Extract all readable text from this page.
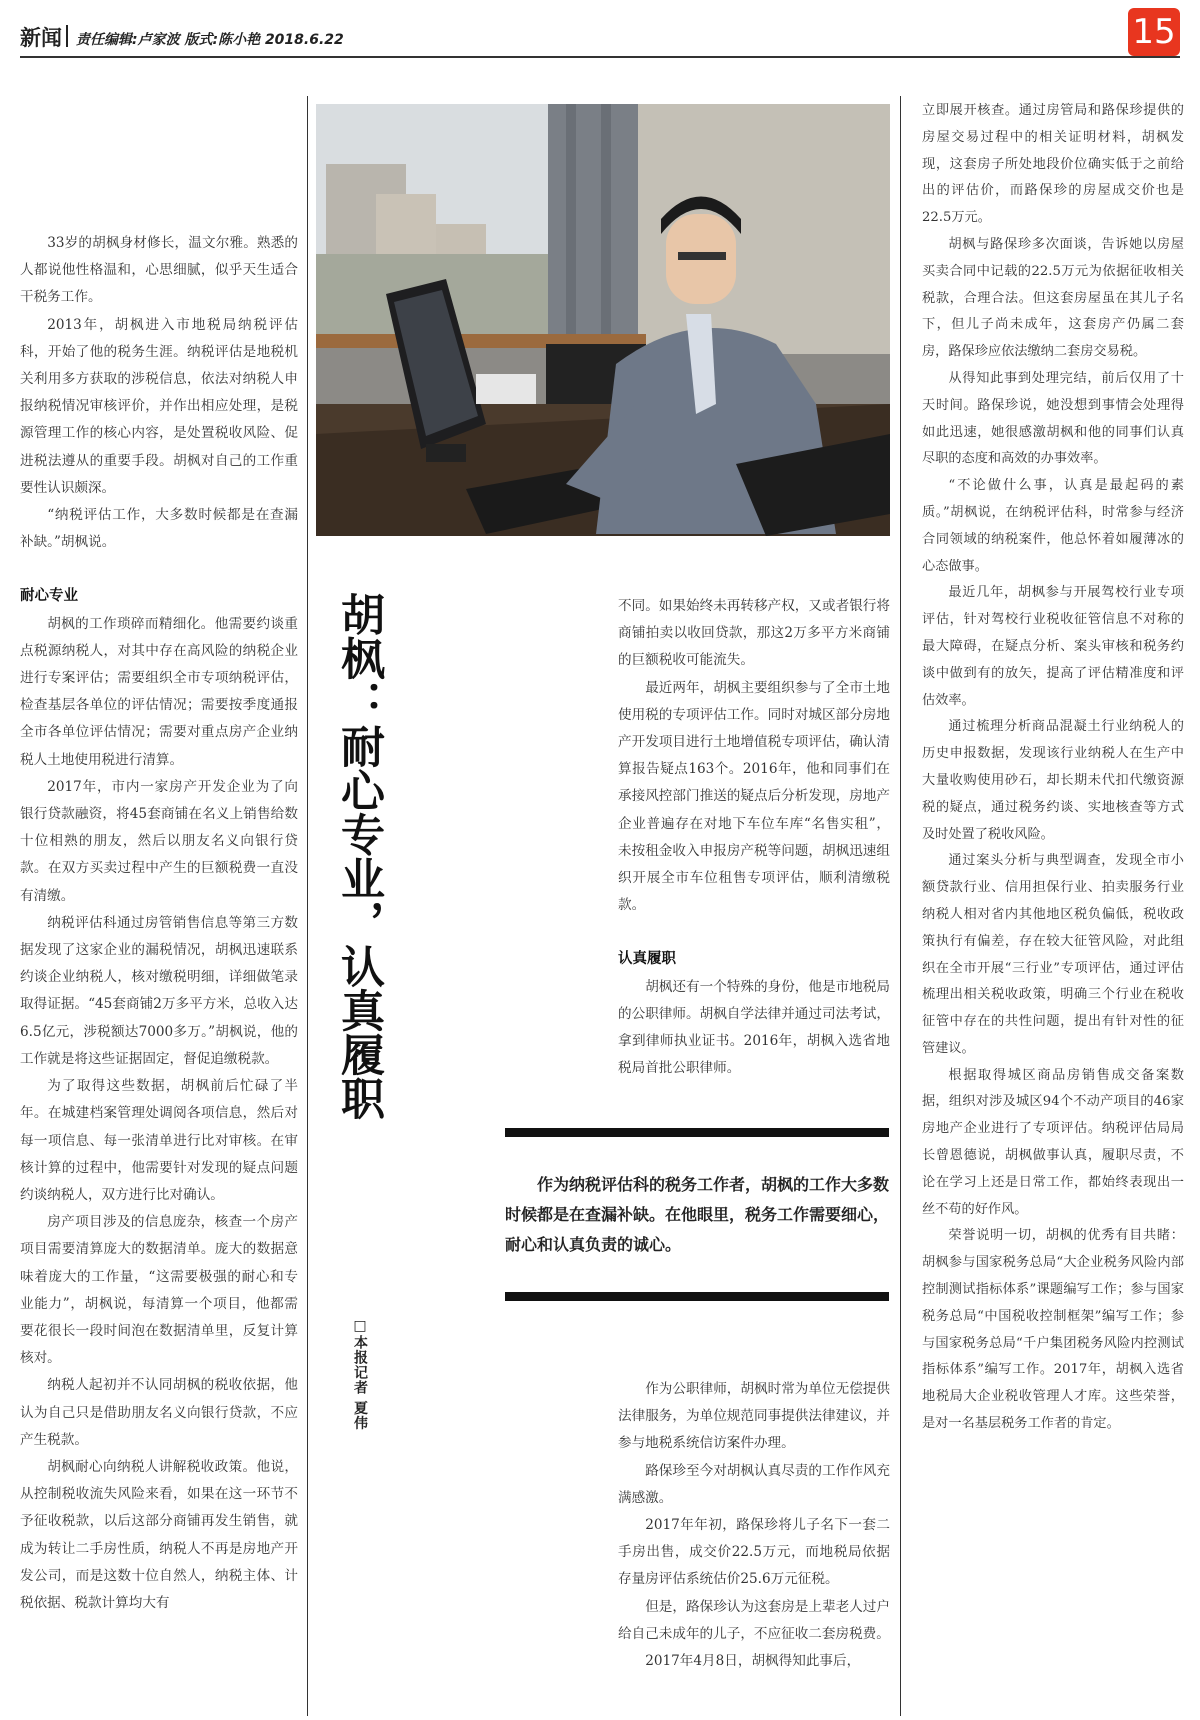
新闻 责任编辑:卢家波 版式:陈小艳 2018.6.22	15

33岁的胡枫身材修长，温文尔雅。熟悉的人都说他性格温和，心思细腻，似乎天生适合干税务工作。

2013年，胡枫进入市地税局纳税评估科，开始了他的税务生涯。纳税评估是地税机关利用多方获取的涉税信息，依法对纳税人申报纳税情况审核评价，并作出相应处理，是税源管理工作的核心内容，是处置税收风险、促进税法遵从的重要手段。胡枫对自己的工作重要性认识颇深。

“纳税评估工作，大多数时候都是在查漏补缺。”胡枫说。

耐心专业

胡枫的工作琐碎而精细化。他需要约谈重点税源纳税人，对其中存在高风险的纳税企业进行专案评估；需要组织全市专项纳税评估，检查基层各单位的评估情况；需要按季度通报全市各单位评估情况；需要对重点房产企业纳税人土地使用税进行清算。

2017年，市内一家房产开发企业为了向银行贷款融资，将45套商铺在名义上销售给数十位相熟的朋友，然后以朋友名义向银行贷款。在双方买卖过程中产生的巨额税费一直没有清缴。

纳税评估科通过房管销售信息等第三方数据发现了这家企业的漏税情况，胡枫迅速联系约谈企业纳税人，核对缴税明细，详细做笔录取得证据。“45套商铺2万多平方米，总收入达6.5亿元，涉税额达7000多万。”胡枫说，他的工作就是将这些证据固定，督促追缴税款。

为了取得这些数据，胡枫前后忙碌了半年。在城建档案管理处调阅各项信息，然后对每一项信息、每一张清单进行比对审核。在审核计算的过程中，他需要针对发现的疑点问题约谈纳税人，双方进行比对确认。

房产项目涉及的信息庞杂，核查一个房产项目需要清算庞大的数据清单。庞大的数据意味着庞大的工作量，“这需要极强的耐心和专业能力”，胡枫说，每清算一个项目，他都需要花很长一段时间泡在数据清单里，反复计算核对。

纳税人起初并不认同胡枫的税收依据，他认为自己只是借助朋友名义向银行贷款，不应产生税款。

胡枫耐心向纳税人讲解税收政策。他说，从控制税收流失风险来看，如果在这一环节不予征收税款，以后这部分商铺再发生销售，就成为转让二手房性质，纳税人不再是房地产开发公司，而是这数十位自然人，纳税主体、计税依据、税款计算均大有

胡枫：耐心专业，认真履职
□本报记者 夏伟

不同。如果始终未再转移产权，又或者银行将商铺拍卖以收回贷款，那这2万多平方米商铺的巨额税收可能流失。

最近两年，胡枫主要组织参与了全市土地使用税的专项评估工作。同时对城区部分房地产开发项目进行土地增值税专项评估，确认清算报告疑点163个。2016年，他和同事们在承接风控部门推送的疑点后分析发现，房地产企业普遍存在对地下车位车库“名售实租”，未按租金收入申报房产税等问题，胡枫迅速组织开展全市车位租售专项评估，顺利清缴税款。

认真履职

胡枫还有一个特殊的身份，他是市地税局的公职律师。胡枫自学法律并通过司法考试，拿到律师执业证书。2016年，胡枫入选省地税局首批公职律师。

作为纳税评估科的税务工作者，胡枫的工作大多数时候都是在查漏补缺。在他眼里，税务工作需要细心，耐心和认真负责的诚心。

作为公职律师，胡枫时常为单位无偿提供法律服务，为单位规范同事提供法律建议，并参与地税系统信访案件办理。

路保珍至今对胡枫认真尽责的工作作风充满感激。

2017年年初，路保珍将儿子名下一套二手房出售，成交价22.5万元，而地税局依据存量房评估系统估价25.6万元征税。

但是，路保珍认为这套房是上辈老人过户给自己未成年的儿子，不应征收二套房税费。

2017年4月8日，胡枫得知此事后，

立即展开核查。通过房管局和路保珍提供的房屋交易过程中的相关证明材料，胡枫发现，这套房子所处地段价位确实低于之前给出的评估价，而路保珍的房屋成交价也是22.5万元。

胡枫与路保珍多次面谈，告诉她以房屋买卖合同中记载的22.5万元为依据征收相关税款，合理合法。但这套房屋虽在其儿子名下，但儿子尚未成年，这套房产仍属二套房，路保珍应依法缴纳二套房交易税。

从得知此事到处理完结，前后仅用了十天时间。路保珍说，她没想到事情会处理得如此迅速，她很感激胡枫和他的同事们认真尽职的态度和高效的办事效率。

“不论做什么事，认真是最起码的素质。”胡枫说，在纳税评估科，时常参与经济合同领域的纳税案件，他总怀着如履薄冰的心态做事。

最近几年，胡枫参与开展驾校行业专项评估，针对驾校行业税收征管信息不对称的最大障碍，在疑点分析、案头审核和税务约谈中做到有的放矢，提高了评估精准度和评估效率。

通过梳理分析商品混凝土行业纳税人的历史申报数据，发现该行业纳税人在生产中大量收购使用砂石，却长期未代扣代缴资源税的疑点，通过税务约谈、实地核查等方式及时处置了税收风险。

通过案头分析与典型调查，发现全市小额贷款行业、信用担保行业、拍卖服务行业纳税人相对省内其他地区税负偏低，税收政策执行有偏差，存在较大征管风险，对此组织在全市开展“三行业”专项评估，通过评估梳理出相关税收政策，明确三个行业在税收征管中存在的共性问题，提出有针对性的征管建议。

根据取得城区商品房销售成交备案数据，组织对涉及城区94个不动产项目的46家房地产企业进行了专项评估。纳税评估局局长曾恩德说，胡枫做事认真，履职尽责，不论在学习上还是日常工作，都始终表现出一丝不苟的好作风。

荣誉说明一切，胡枫的优秀有目共睹：胡枫参与国家税务总局“大企业税务风险内部控制测试指标体系”课题编写工作；参与国家税务总局“中国税收控制框架”编写工作；参与国家税务总局“千户集团税务风险内控测试指标体系”编写工作。2017年，胡枫入选省地税局大企业税收管理人才库。这些荣誉，是对一名基层税务工作者的肯定。
